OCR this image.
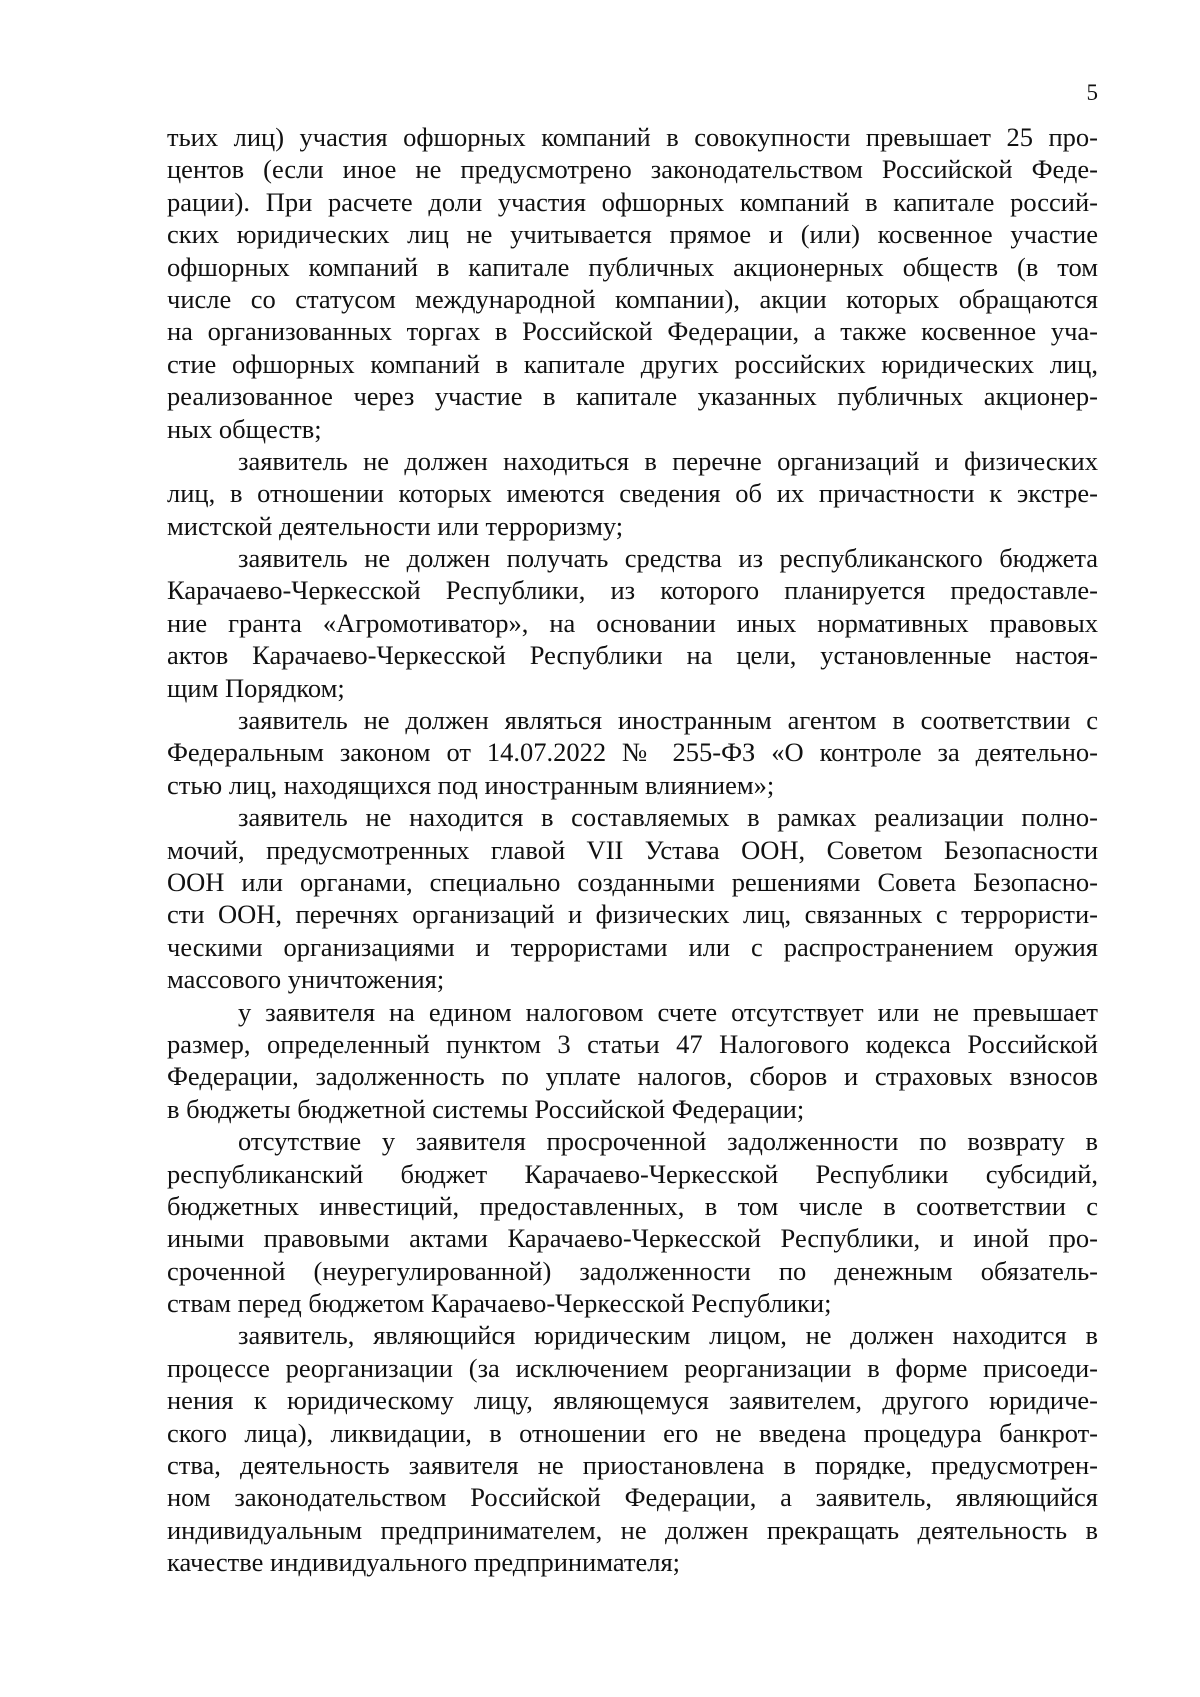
5
тьих лиц) участия офшорных компаний в совокупности превышает 25 про-
центов (если иное не предусмотрено законодательством Российской Феде-
рации). При расчете доли участия офшорных компаний в капитале россий-
ских юридических лиц не учитывается прямое и (или) косвенное участие
офшорных компаний в капитале публичных акционерных обществ (в том
числе со статусом международной компании), акции которых обращаются
на организованных торгах в Российской Федерации, а также косвенное уча-
стие офшорных компаний в капитале других российских юридических лиц,
реализованное через участие в капитале указанных публичных акционер-
ных обществ;
заявитель не должен находиться в перечне организаций и физических
лиц, в отношении которых имеются сведения об их причастности к экстре-
мистской деятельности или терроризму;
заявитель не должен получать средства из республиканского бюджета
Карачаево-Черкесской Республики, из которого планируется предоставле-
ние гранта «Агромотиватор», на основании иных нормативных правовых
актов Карачаево-Черкесской Республики на цели, установленные настоя-
щим Порядком;
заявитель не должен являться иностранным агентом в соответствии с
Федеральным законом от 14.07.2022 № 255-ФЗ «О контроле за деятельно-
стью лиц, находящихся под иностранным влиянием»;
заявитель не находится в составляемых в рамках реализации полно-
мочий, предусмотренных главой VII Устава ООН, Советом Безопасности
ООН или органами, специально созданными решениями Совета Безопасно-
сти ООН, перечнях организаций и физических лиц, связанных с террористи-
ческими организациями и террористами или с распространением оружия
массового уничтожения;
у заявителя на едином налоговом счете отсутствует или не превышает
размер, определенный пунктом 3 статьи 47 Налогового кодекса Российской
Федерации, задолженность по уплате налогов, сборов и страховых взносов
в бюджеты бюджетной системы Российской Федерации;
отсутствие у заявителя просроченной задолженности по возврату в
республиканский бюджет Карачаево-Черкесской Республики субсидий,
бюджетных инвестиций, предоставленных, в том числе в соответствии с
иными правовыми актами Карачаево-Черкесской Республики, и иной про-
сроченной (неурегулированной) задолженности по денежным обязатель-
ствам перед бюджетом Карачаево-Черкесской Республики;
заявитель, являющийся юридическим лицом, не должен находится в
процессе реорганизации (за исключением реорганизации в форме присоеди-
нения к юридическому лицу, являющемуся заявителем, другого юридиче-
ского лица), ликвидации, в отношении его не введена процедура банкрот-
ства, деятельность заявителя не приостановлена в порядке, предусмотрен-
ном законодательством Российской Федерации, а заявитель, являющийся
индивидуальным предпринимателем, не должен прекращать деятельность в
качестве индивидуального предпринимателя;
